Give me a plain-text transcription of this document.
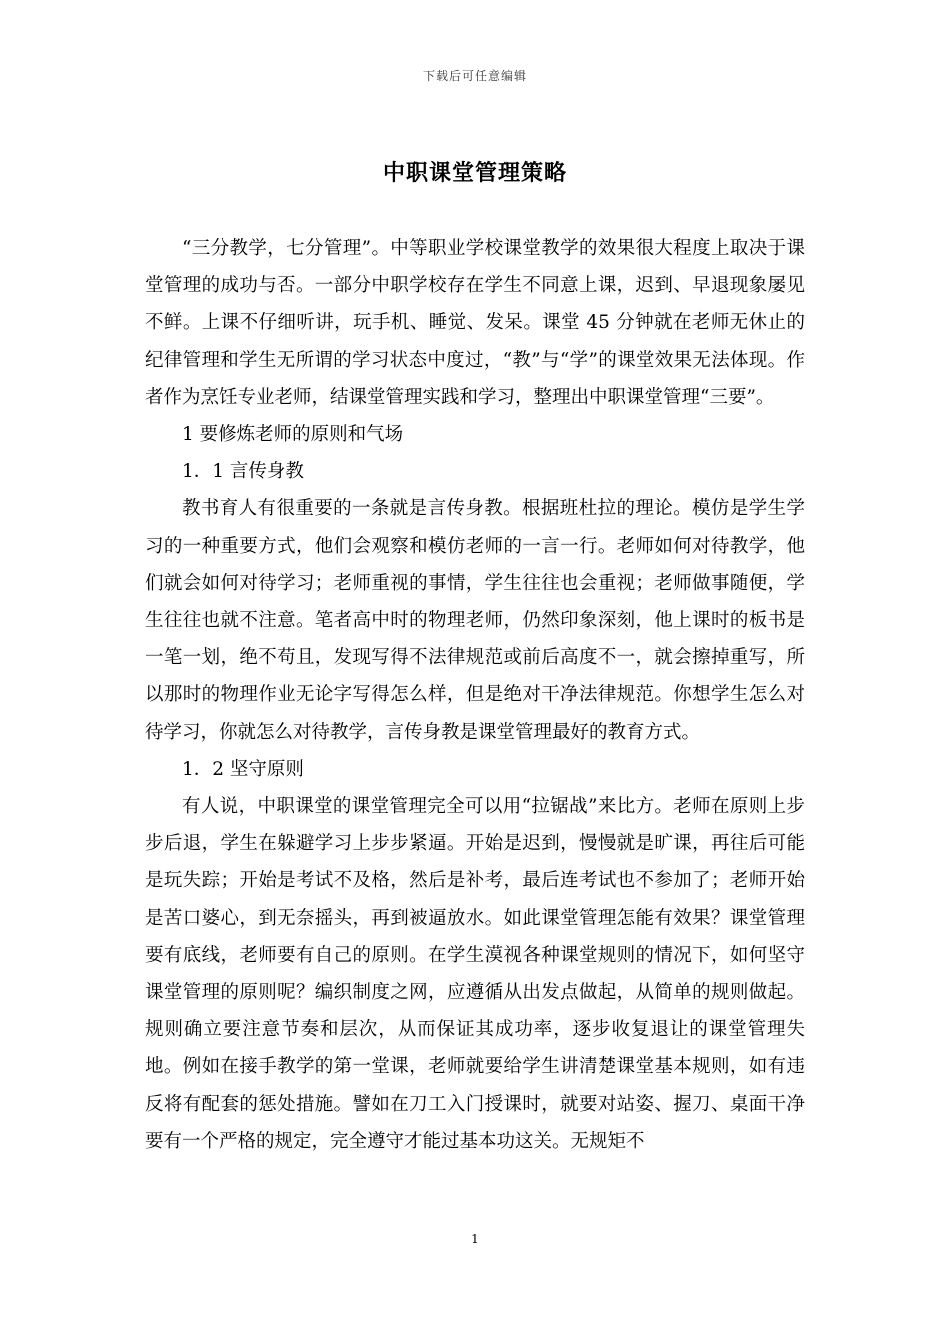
下载后可任意编辑
中职课堂管理策略

“三分教学，七分管理”。中等职业学校课堂教学的效果很大程度上取决于课堂管理的成功与否。一部分中职学校存在学生不同意上课，迟到、早退现象屡见不鲜。上课不仔细听讲，玩手机、睡觉、发呆。课堂 45 分钟就在老师无休止的纪律管理和学生无所谓的学习状态中度过，“教”与“学”的课堂效果无法体现。作者作为烹饪专业老师，结课堂管理实践和学习，整理出中职课堂管理“三要”。

1 要修炼老师的原则和气场

1．1 言传身教

教书育人有很重要的一条就是言传身教。根据班杜拉的理论。模仿是学生学习的一种重要方式，他们会观察和模仿老师的一言一行。老师如何对待教学，他们就会如何对待学习；老师重视的事情，学生往往也会重视；老师做事随便，学生往往也就不注意。笔者高中时的物理老师，仍然印象深刻，他上课时的板书是一笔一划，绝不苟且，发现写得不法律规范或前后高度不一，就会擦掉重写，所以那时的物理作业无论字写得怎么样，但是绝对干净法律规范。你想学生怎么对待学习，你就怎么对待教学，言传身教是课堂管理最好的教育方式。

1．2 坚守原则

有人说，中职课堂的课堂管理完全可以用“拉锯战”来比方。老师在原则上步步后退，学生在躲避学习上步步紧逼。开始是迟到，慢慢就是旷课，再往后可能是玩失踪；开始是考试不及格，然后是补考，最后连考试也不参加了；老师开始是苦口婆心，到无奈摇头，再到被逼放水。如此课堂管理怎能有效果？课堂管理要有底线，老师要有自己的原则。在学生漠视各种课堂规则的情况下，如何坚守课堂管理的原则呢？编织制度之网，应遵循从出发点做起，从简单的规则做起。规则确立要注意节奏和层次，从而保证其成功率，逐步收复退让的课堂管理失地。例如在接手教学的第一堂课，老师就要给学生讲清楚课堂基本规则，如有违反将有配套的惩处措施。譬如在刀工入门授课时，就要对站姿、握刀、桌面干净要有一个严格的规定，完全遵守才能过基本功这关。无规矩不

1
